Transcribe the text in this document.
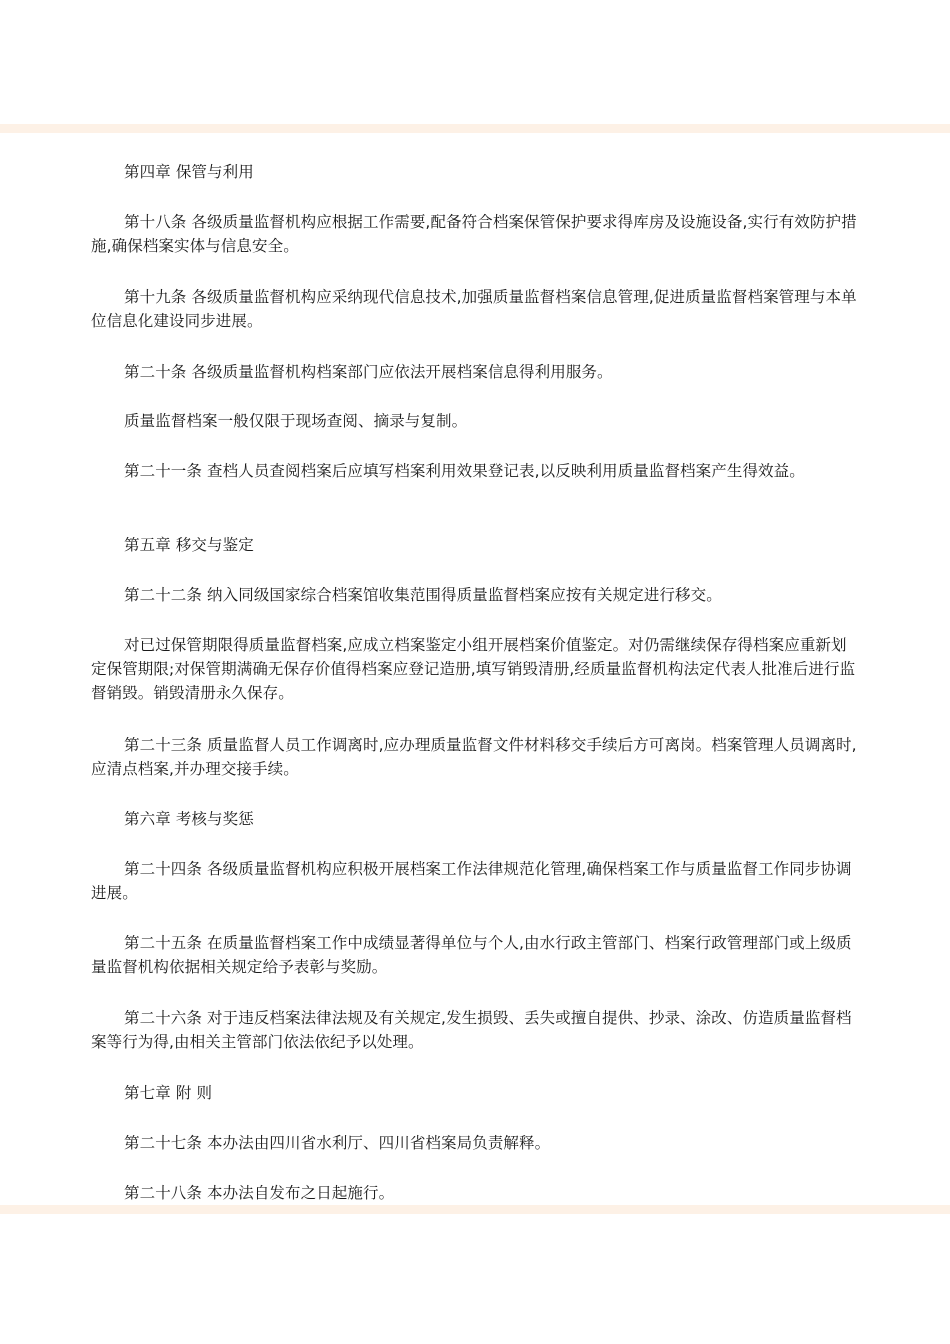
第四章 保管与利用

第十八条 各级质量监督机构应根据工作需要,配备符合档案保管保护要求得库房及设施设备,实行有效防护措施,确保档案实体与信息安全。

第十九条 各级质量监督机构应采纳现代信息技术,加强质量监督档案信息管理,促进质量监督档案管理与本单位信息化建设同步进展。

第二十条 各级质量监督机构档案部门应依法开展档案信息得利用服务。

质量监督档案一般仅限于现场查阅、摘录与复制。

第二十一条 查档人员查阅档案后应填写档案利用效果登记表,以反映利用质量监督档案产生得效益。

第五章 移交与鉴定

第二十二条 纳入同级国家综合档案馆收集范围得质量监督档案应按有关规定进行移交。

对已过保管期限得质量监督档案,应成立档案鉴定小组开展档案价值鉴定。对仍需继续保存得档案应重新划定保管期限;对保管期满确无保存价值得档案应登记造册,填写销毁清册,经质量监督机构法定代表人批准后进行监督销毁。销毁清册永久保存。

第二十三条 质量监督人员工作调离时,应办理质量监督文件材料移交手续后方可离岗。档案管理人员调离时,应清点档案,并办理交接手续。

第六章 考核与奖惩

第二十四条 各级质量监督机构应积极开展档案工作法律规范化管理,确保档案工作与质量监督工作同步协调进展。

第二十五条 在质量监督档案工作中成绩显著得单位与个人,由水行政主管部门、档案行政管理部门或上级质量监督机构依据相关规定给予表彰与奖励。

第二十六条 对于违反档案法律法规及有关规定,发生损毁、丢失或擅自提供、抄录、涂改、仿造质量监督档案等行为得,由相关主管部门依法依纪予以处理。

第七章 附 则

第二十七条 本办法由四川省水利厅、四川省档案局负责解释。

第二十八条 本办法自发布之日起施行。
